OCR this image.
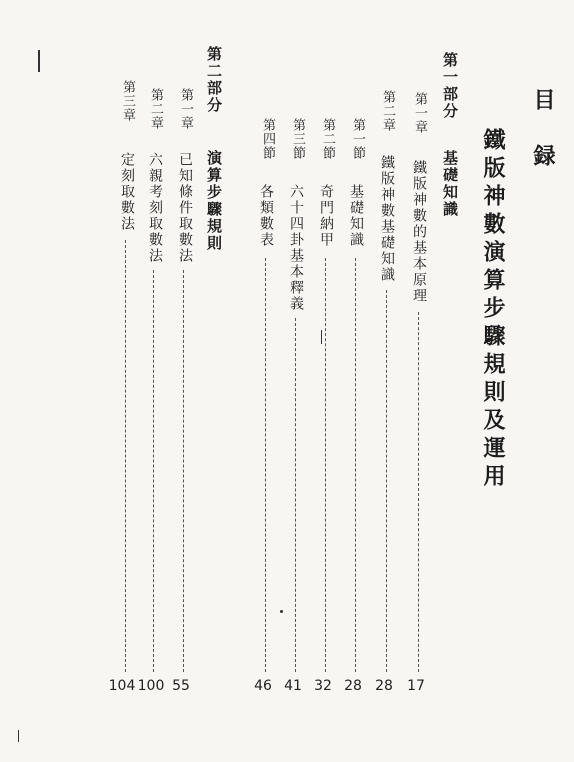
目 録
鐵版神數演算步驟規則及運用
第一部分
基礎知識
第一章
鐵版神數的基本原理
17
第二章
鐵版神數基礎知識
28
第一節
基礎知識
28
第二節
奇門納甲
32
第三節
六十四卦基本釋義
41
第四節
各類數表
46
第二部分
演算步驟規則
第一章
已知條件取數法
55
第二章
六親考刻取數法
100
第三章
定刻取數法
104
